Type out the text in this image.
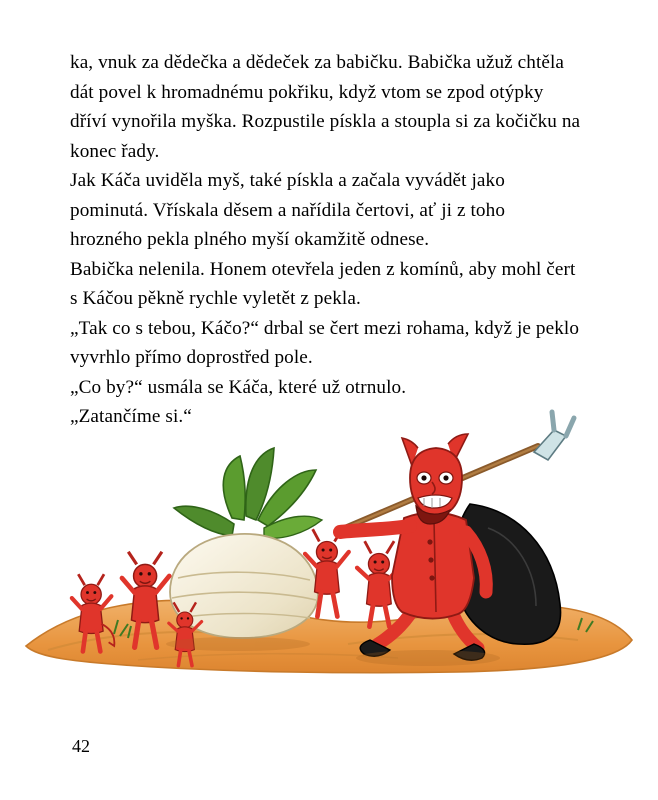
ka, vnuk za dědečka a dědeček za babičku. Babička užuž chtěla dát povel k hromadnému pokřiku, když vtom se zpod otýpky dříví vynořila myška. Rozpustile pískla a stoupla si za kočičku na konec řady.

Jak Káča uviděla myš, také pískla a začala vyvádět jako pominutá. Vřískala děsem a nařídila čertovi, ať ji z toho hrozného pekla plného myší okamžitě odnese.

Babička nelenila. Honem otevřela jeden z komínů, aby mohl čert s Káčou pěkně rychle vyletět z pekla.

„Tak co s tebou, Káčo?“ drbal se čert mezi rohama, když je peklo vyvrhlo přímo doprostřed pole.

„Co by?“ usmála se Káča, které už otrnulo.

„Zatančíme si.“

42
